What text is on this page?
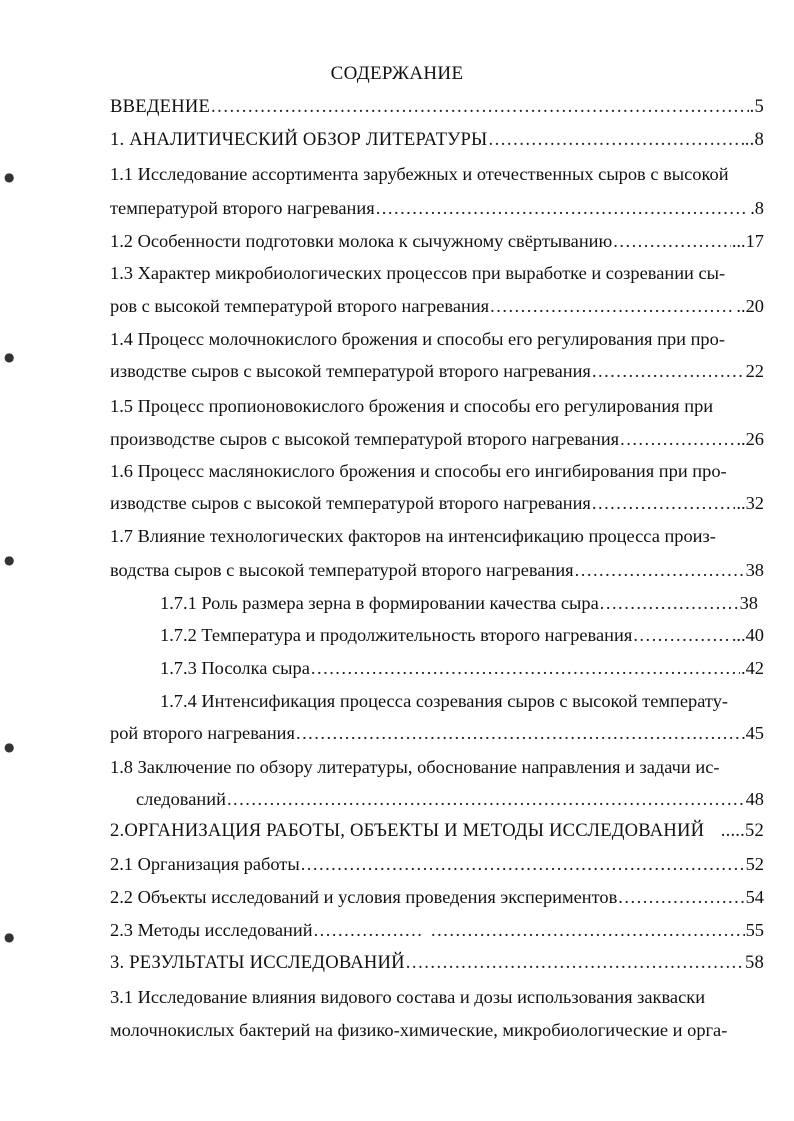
СОДЕРЖАНИЕ
ВВЕДЕНИЕ .....	.5
1. АНАЛИТИЧЕСКИЙ ОБЗОР ЛИТЕРАТУРЫ .....	..8
1.1 Исследование ассортимента зарубежных и отечественных сыров с высокой
температурой второго нагревания .....	.8
1.2 Особенности подготовки молока к сычужному свёртыванию .....	...17
1.3 Характер микробиологических процессов при выработке и созревании сы-
ров с высокой температурой второго нагревания .....	..20
1.4 Процесс молочнокислого брожения и способы его регулирования при про-
изводстве сыров с высокой температурой второго нагревания .....	22
1.5 Процесс пропионовокислого брожения и способы его регулирования при
производстве сыров с высокой температурой второго нагревания .....	..26
1.6 Процесс маслянокислого брожения и способы его ингибирования при про-
изводстве сыров с высокой температурой второго нагревания .....	..32
1.7 Влияние технологических факторов на интенсификацию процесса произ-
водства сыров с высокой температурой второго нагревания .....	38
1.7.1 Роль размера зерна в формировании качества сыра .....	38
1.7.2 Температура и продолжительность второго нагревания .....	...40
1.7.3 Посолка сыра .....	.42
1.7.4 Интенсификация процесса созревания сыров с высокой температу-
рой второго нагревания .....	45
1.8 Заключение по обзору литературы, обоснование направления и задачи ис-
следований .....	48
2.ОРГАНИЗАЦИЯ РАБОТЫ, ОБЪЕКТЫ И МЕТОДЫ ИССЛЕДОВАНИЙ .....52
2.1 Организация работы .....	52
2.2 Объекты исследований и условия проведения экспериментов .....	54
2.3 Методы исследований ..... .....	55
3. РЕЗУЛЬТАТЫ ИССЛЕДОВАНИЙ .....	58
3.1 Исследование влияния видового состава и дозы использования закваски
молочнокислых бактерий на физико-химические, микробиологические и орга-
●
●
●
●
●
